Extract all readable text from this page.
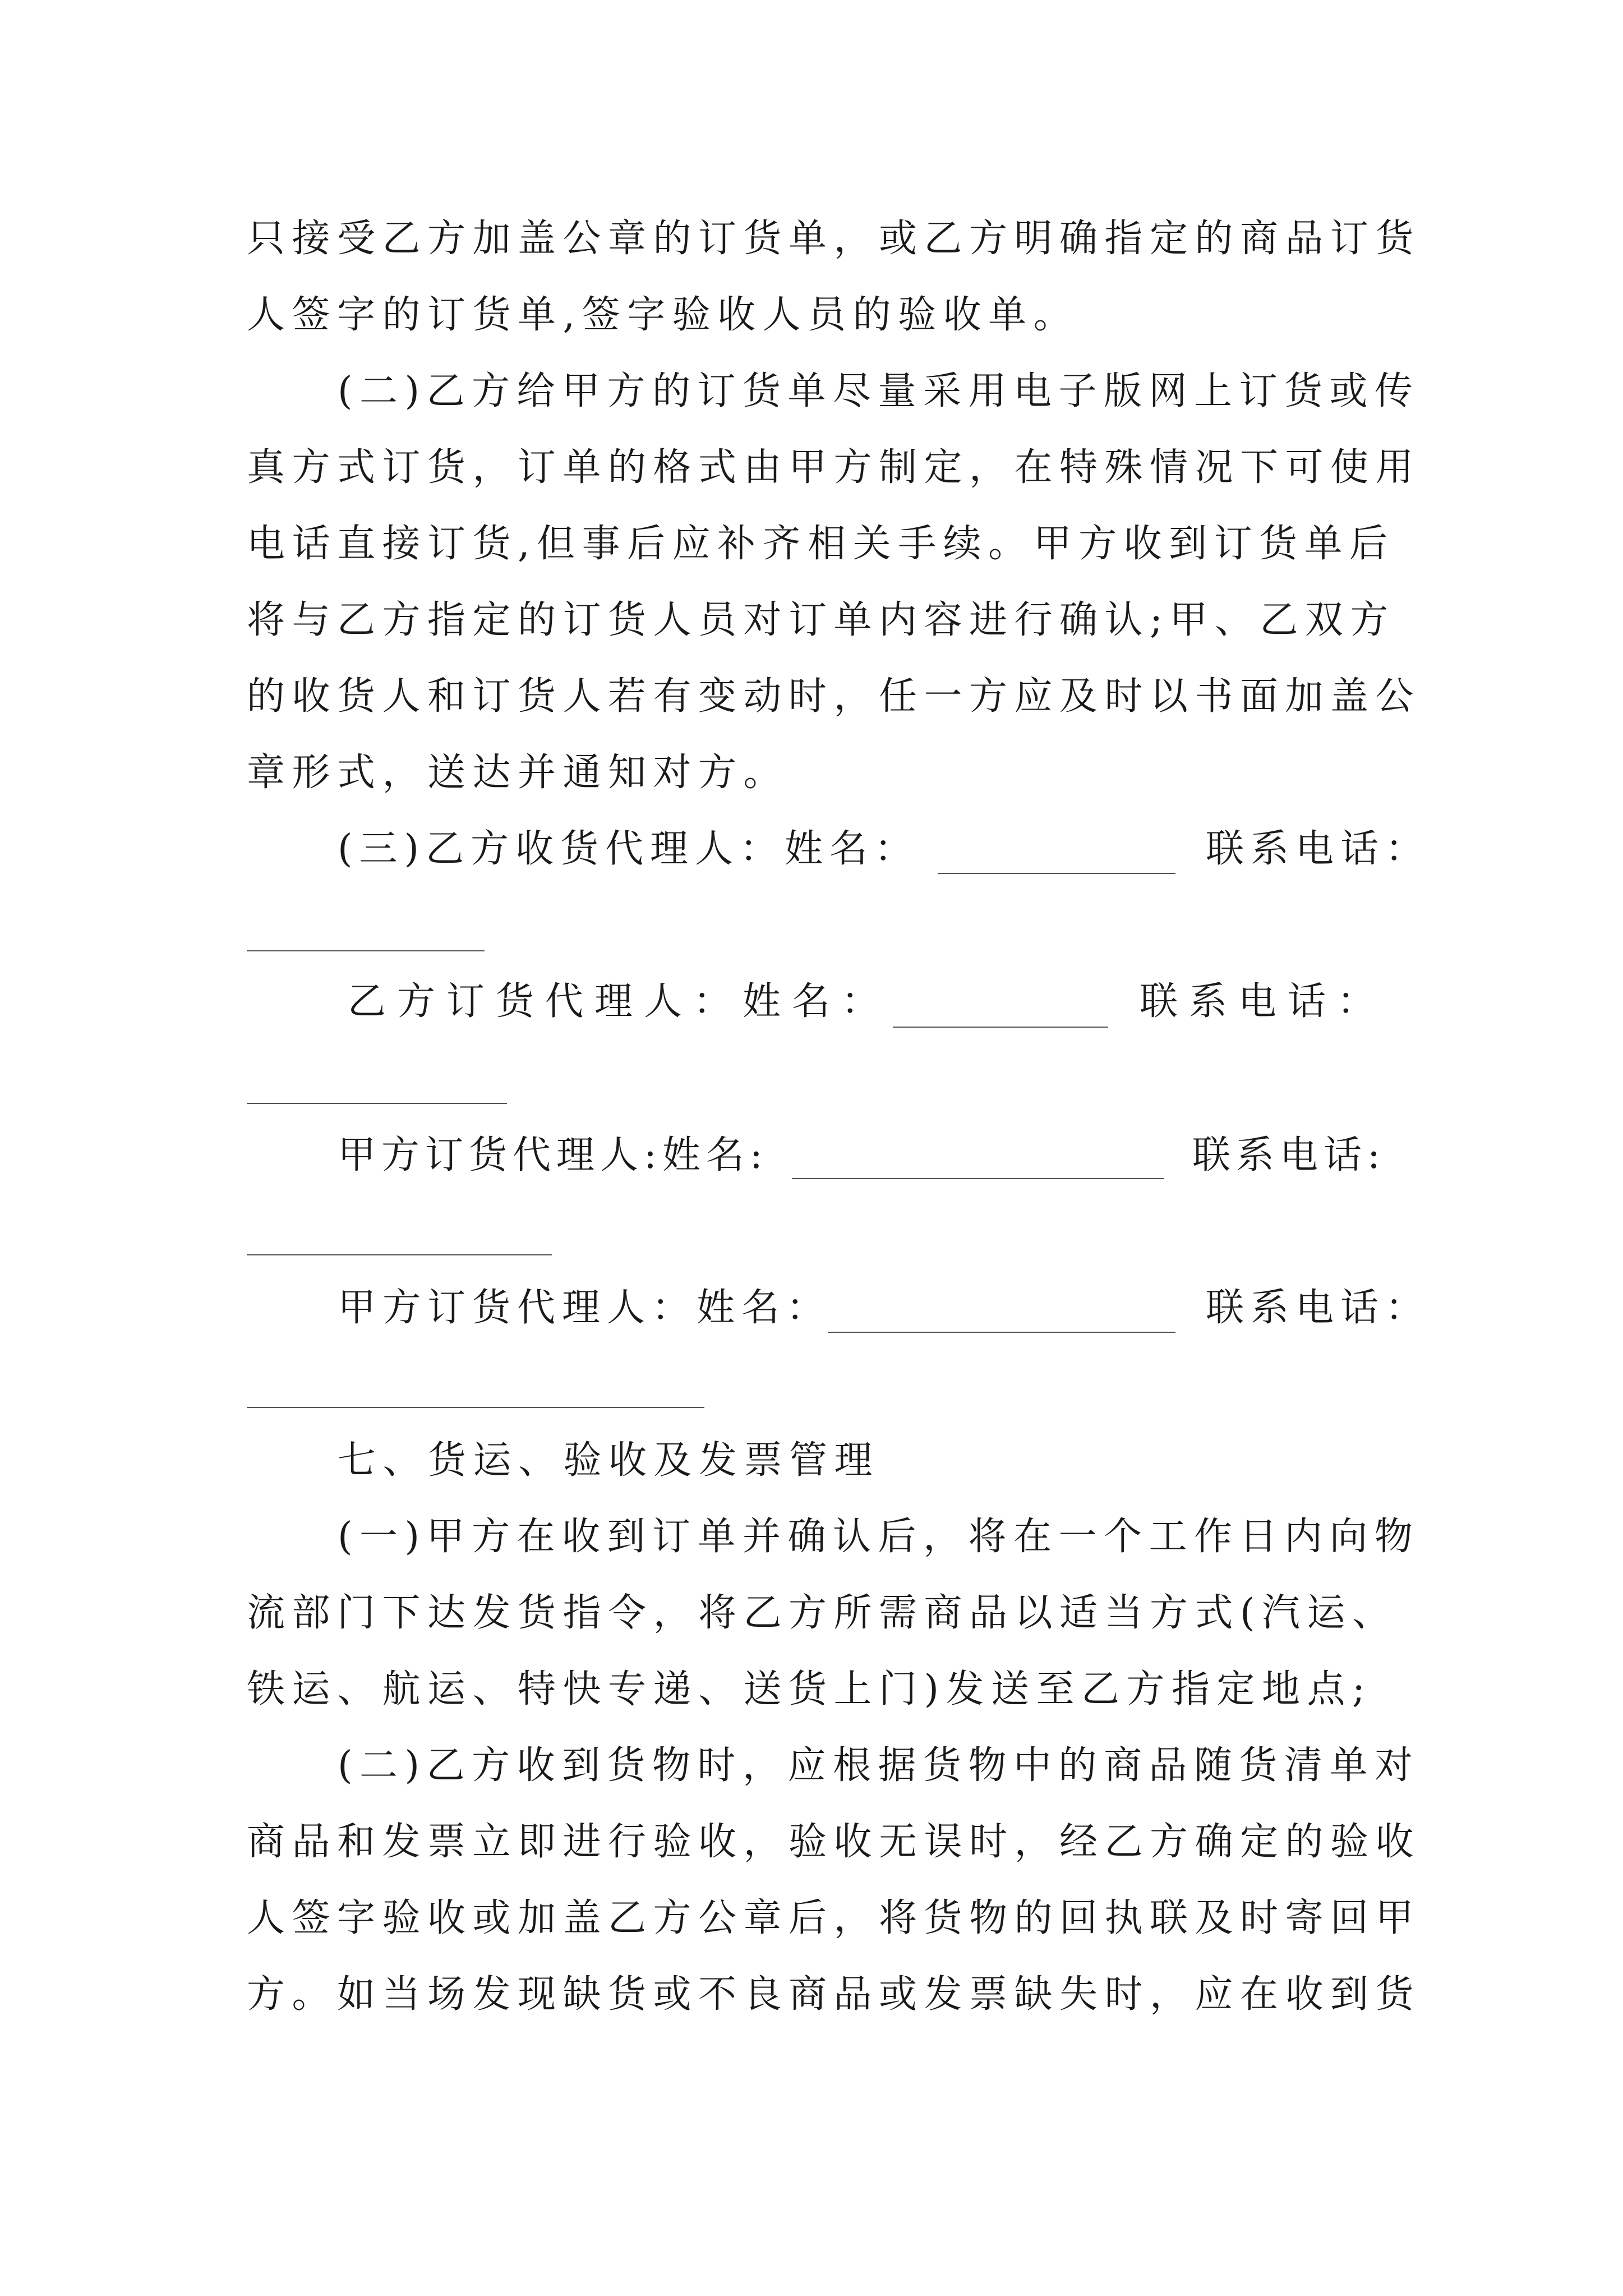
只接受乙方加盖公章的订货单，或乙方明确指定的商品订货
人签字的订货单,签字验收人员的验收单。
(二)乙方给甲方的订货单尽量采用电子版网上订货或传
真方式订货，订单的格式由甲方制定，在特殊情况下可使用
电话直接订货,但事后应补齐相关手续。甲方收到订货单后
将与乙方指定的订货人员对订单内容进行确认;甲、乙双方
的收货人和订货人若有变动时，任一方应及时以书面加盖公
章形式，送达并通知对方。
(三)乙方收货代理人：姓名：	联系电话：
乙方订货代理人：姓名：	联系电话：
甲方订货代理人:姓名:	联系电话:
甲方订货代理人：姓名：	联系电话：
七、货运、验收及发票管理
(一)甲方在收到订单并确认后，将在一个工作日内向物
流部门下达发货指令，将乙方所需商品以适当方式(汽运、
铁运、航运、特快专递、送货上门)发送至乙方指定地点;
(二)乙方收到货物时，应根据货物中的商品随货清单对
商品和发票立即进行验收，验收无误时，经乙方确定的验收
人签字验收或加盖乙方公章后，将货物的回执联及时寄回甲
方。如当场发现缺货或不良商品或发票缺失时，应在收到货
